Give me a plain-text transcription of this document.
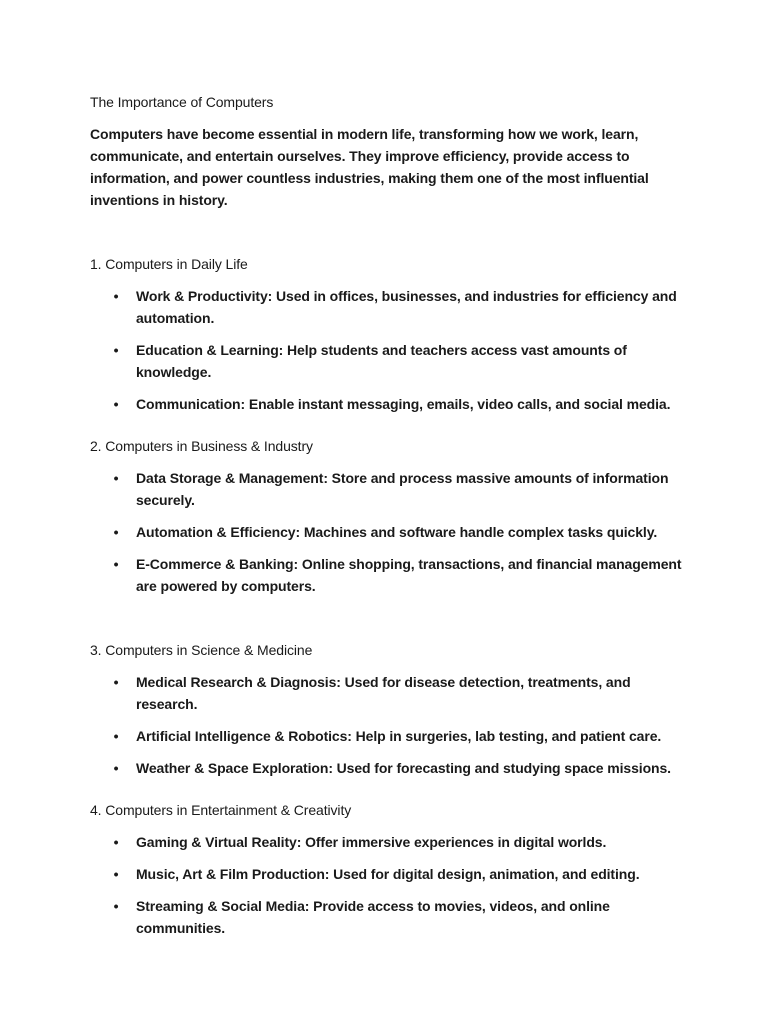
The Importance of Computers

Computers have become essential in modern life, transforming how we work, learn, communicate, and entertain ourselves. They improve efficiency, provide access to information, and power countless industries, making them one of the most influential inventions in history.

1. Computers in Daily Life
• Work & Productivity: Used in offices, businesses, and industries for efficiency and automation.
• Education & Learning: Help students and teachers access vast amounts of knowledge.
• Communication: Enable instant messaging, emails, video calls, and social media.
2. Computers in Business & Industry
• Data Storage & Management: Store and process massive amounts of information securely.
• Automation & Efficiency: Machines and software handle complex tasks quickly.
• E-Commerce & Banking: Online shopping, transactions, and financial management are powered by computers.
3. Computers in Science & Medicine
• Medical Research & Diagnosis: Used for disease detection, treatments, and research.
• Artificial Intelligence & Robotics: Help in surgeries, lab testing, and patient care.
• Weather & Space Exploration: Used for forecasting and studying space missions.
4. Computers in Entertainment & Creativity
• Gaming & Virtual Reality: Offer immersive experiences in digital worlds.
• Music, Art & Film Production: Used for digital design, animation, and editing.
• Streaming & Social Media: Provide access to movies, videos, and online communities.
